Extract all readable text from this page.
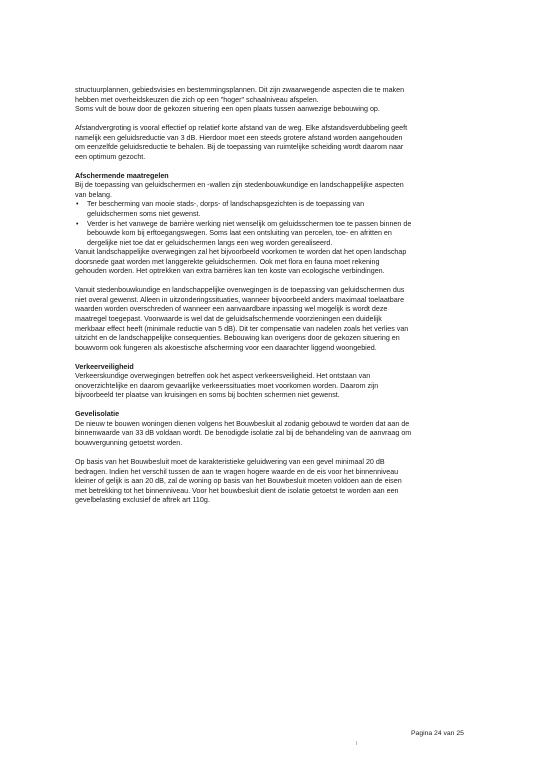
structuurplannen, gebiedsvisies en bestemmingsplannen. Dit zijn zwaarwegende aspecten die te maken
hebben met overheidskeuzen die zich op een "hoger" schaalniveau afspelen.
Soms vult de bouw door de gekozen situering een open plaats tussen aanwezige bebouwing op.

Afstandvergroting is vooral effectief op relatief korte afstand van de weg. Elke afstandsverdubbeling geeft
namelijk een geluidsreductie van 3 dB. Hierdoor moet een steeds grotere afstand worden aangehouden
om eenzelfde geluidsreductie te behalen. Bij de toepassing van ruimtelijke scheiding wordt daarom naar
een optimum gezocht.

Afschermende maatregelen

Bij de toepassing van geluidschermen en -wallen zijn stedenbouwkundige en landschappelijke aspecten
van belang.

• Ter bescherming van mooie stads-, dorps- of landschapsgezichten is de toepassing van
geluidschermen soms niet gewenst.
• Verder is het vanwege de barrière werking niet wenselijk om geluidsschermen toe te passen binnen de
bebouwde kom bij erftoegangswegen. Soms laat een ontsluiting van percelen, toe- en afritten en
dergelijke niet toe dat er geluidschermen langs een weg worden gerealiseerd.

Vanuit landschappelijke overwegingen zal het bijvoorbeeld voorkomen te worden dat het open landschap
doorsnede gaat worden met langgerekte geluidschermen. Ook met flora en fauna moet rekening
gehouden worden. Het optrekken van extra barrières kan ten koste van ecologische verbindingen.

Vanuit stedenbouwkundige en landschappelijke overwegingen is de toepassing van geluidschermen dus
niet overal gewenst. Alleen in uitzonderingssituaties, wanneer bijvoorbeeld anders maximaal toelaatbare
waarden worden overschreden of wanneer een aanvaardbare inpassing wel mogelijk is wordt deze
maatregel toegepast. Voorwaarde is wel dat de geluidsafschermende voorzieningen een duidelijk
merkbaar effect heeft (minimale reductie van 5 dB). Dit ter compensatie van nadelen zoals het verlies van
uitzicht en de landschappelijke consequenties. Bebouwing kan overigens door de gekozen situering en
bouwvorm ook fungeren als akoestische afscherming voor een daarachter liggend woongebied.

Verkeerveiligheid

Verkeerskundige overwegingen betreffen ook het aspect verkeersveiligheid. Het ontstaan van
onoverzichtelijke en daarom gevaarlijke verkeerssituaties moet voorkomen worden. Daarom zijn
bijvoorbeeld ter plaatse van kruisingen en soms bij bochten schermen niet gewenst.

Gevelisolatie

De nieuw te bouwen woningen dienen volgens het Bouwbesluit al zodanig gebouwd te worden dat aan de
binnenwaarde van 33 dB voldaan wordt. De benodigde isolatie zal bij de behandeling van de aanvraag om
bouwvergunning getoetst worden.

Op basis van het Bouwbesluit moet de karakteristieke geluidwering van een gevel minimaal 20 dB
bedragen. Indien het verschil tussen de aan te vragen hogere waarde en de eis voor het binnenniveau
kleiner of gelijk is aan 20 dB, zal de woning op basis van het Bouwbesluit moeten voldoen aan de eisen
met betrekking tot het binnenniveau. Voor het bouwbesluit dient de isolatie getoetst te worden aan een
gevelbelasting exclusief de aftrek art 110g.

Pagina 24 van 25
